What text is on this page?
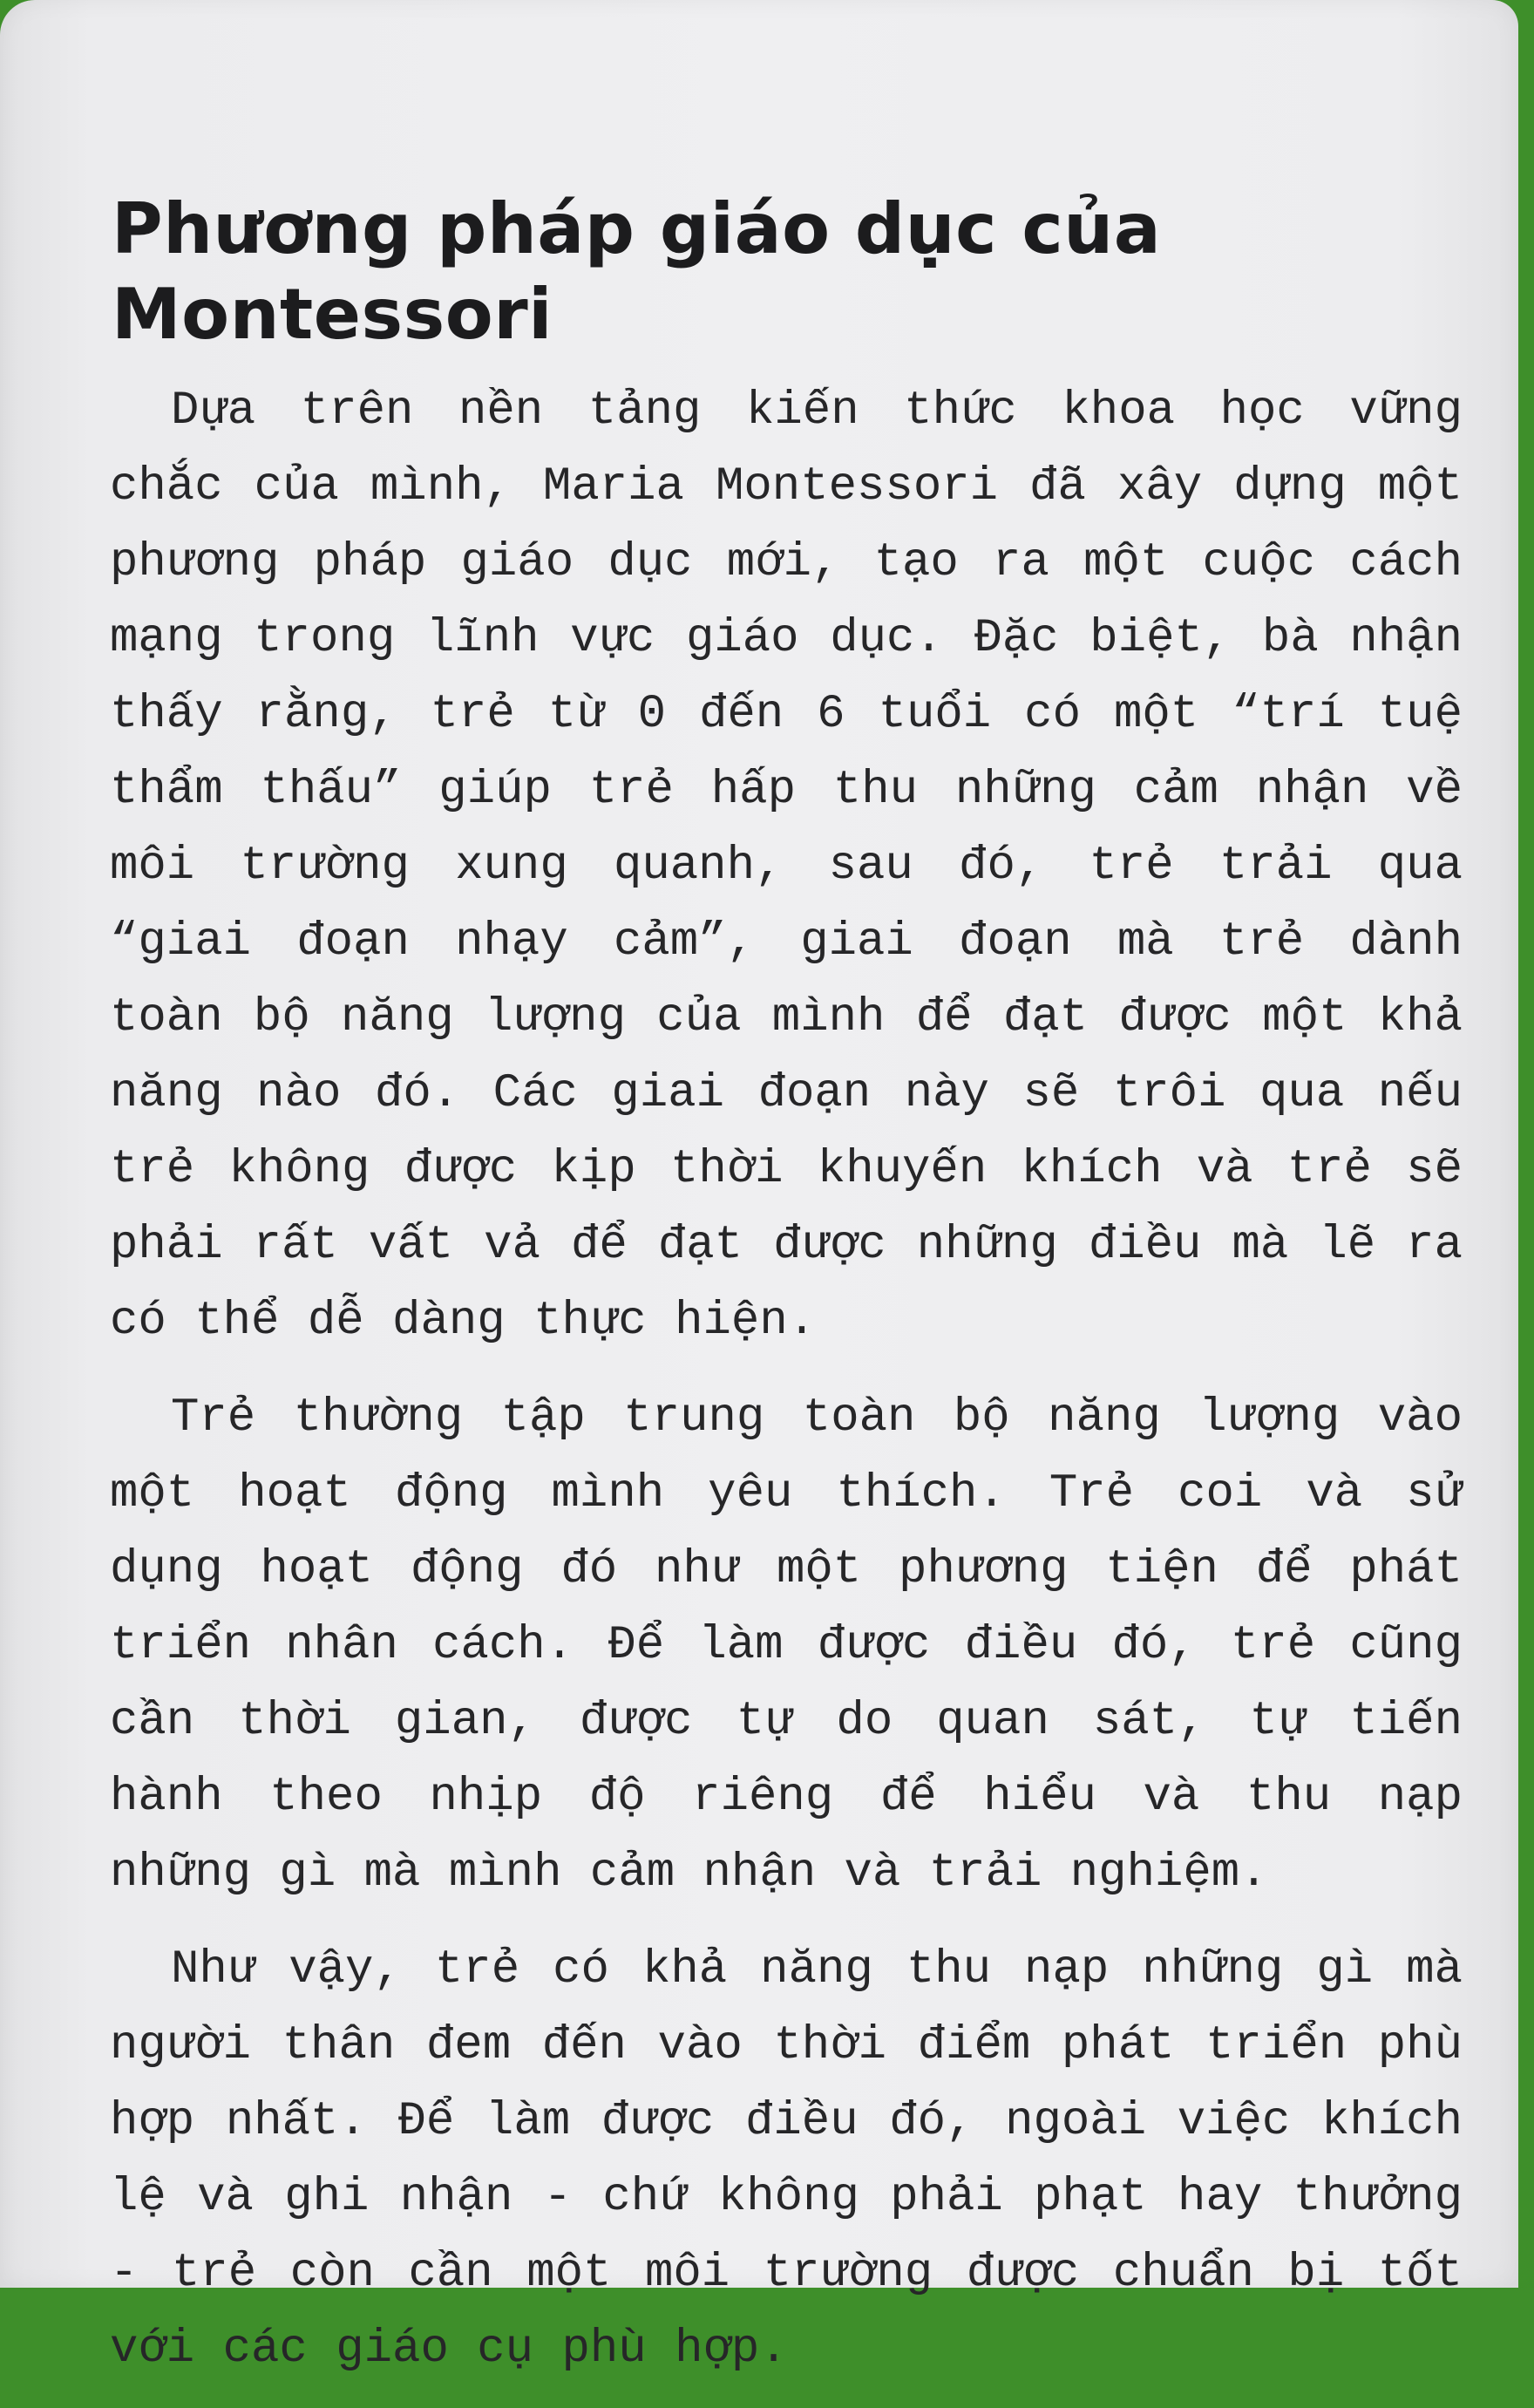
Phương pháp giáo dục của Montessori

Dựa trên nền tảng kiến thức khoa học vững chắc của mình, Maria Montessori đã xây dựng một phương pháp giáo dục mới, tạo ra một cuộc cách mạng trong lĩnh vực giáo dục. Đặc biệt, bà nhận thấy rằng, trẻ từ 0 đến 6 tuổi có một “trí tuệ thẩm thấu” giúp trẻ hấp thu những cảm nhận về môi trường xung quanh, sau đó, trẻ trải qua “giai đoạn nhạy cảm”, giai đoạn mà trẻ dành toàn bộ năng lượng của mình để đạt được một khả năng nào đó. Các giai đoạn này sẽ trôi qua nếu trẻ không được kịp thời khuyến khích và trẻ sẽ phải rất vất vả để đạt được những điều mà lẽ ra có thể dễ dàng thực hiện.

Trẻ thường tập trung toàn bộ năng lượng vào một hoạt động mình yêu thích. Trẻ coi và sử dụng hoạt động đó như một phương tiện để phát triển nhân cách. Để làm được điều đó, trẻ cũng cần thời gian, được tự do quan sát, tự tiến hành theo nhịp độ riêng để hiểu và thu nạp những gì mà mình cảm nhận và trải nghiệm.

Như vậy, trẻ có khả năng thu nạp những gì mà người thân đem đến vào thời điểm phát triển phù hợp nhất. Để làm được điều đó, ngoài việc khích lệ và ghi nhận - chứ không phải phạt hay thưởng - trẻ còn cần một môi trường được chuẩn bị tốt với các giáo cụ phù hợp.
